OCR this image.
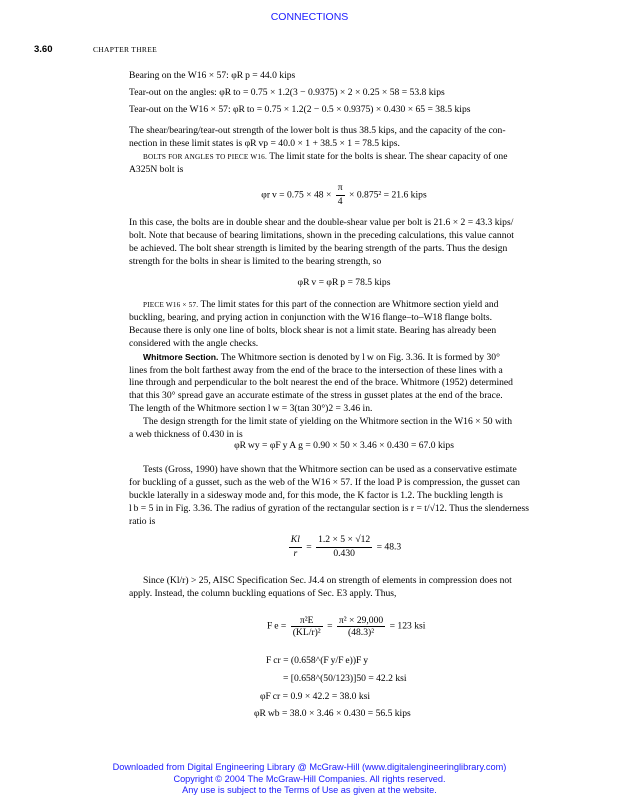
CONNECTIONS
3.60	CHAPTER THREE
Bearing on the W16 × 57: φR p = 44.0 kips
Tear-out on the angles: φR to = 0.75 × 1.2(3 − 0.9375) × 2 × 0.25 × 58 = 53.8 kips
Tear-out on the W16 × 57: φR to = 0.75 × 1.2(2 − 0.5 × 0.9375) × 0.430 × 65 = 38.5 kips
The shear/bearing/tear-out strength of the lower bolt is thus 38.5 kips, and the capacity of the con-
nection in these limit states is φR vp = 40.0 × 1 + 38.5 × 1 = 78.5 kips.
BOLTS FOR ANGLES TO PIECE W16. The limit state for the bolts is shear. The shear capacity of one
A325N bolt is
φr $v = 0.75 \times 48 \times \frac{\pi}{4} \times 0.875^2 = 21.6$ kips
In this case, the bolts are in double shear and the double-shear value per bolt is 21.6 × 2 = 43.3 kips/
bolt. Note that because of bearing limitations, shown in the preceding calculations, this value cannot
be achieved. The bolt shear strength is limited by the bearing strength of the parts. Thus the design
strength for the bolts in shear is limited to the bearing strength, so
φR v = φR p = 78.5 kips
PIECE W16 × 57. The limit states for this part of the connection are Whitmore section yield and
buckling, bearing, and prying action in conjunction with the W16 flange–to–W18 flange bolts.
Because there is only one line of bolts, block shear is not a limit state. Bearing has already been
considered with the angle checks.
Whitmore Section. The Whitmore section is denoted by l w on Fig. 3.36. It is formed by 30°
lines from the bolt farthest away from the end of the brace to the intersection of these lines with a
line through and perpendicular to the bolt nearest the end of the brace. Whitmore (1952) determined
that this 30° spread gave an accurate estimate of the stress in gusset plates at the end of the brace.
The length of the Whitmore section l w = 3(tan 30°)2 = 3.46 in.
The design strength for the limit state of yielding on the Whitmore section in the W16 × 50 with
a web thickness of 0.430 in is
φR wy = φF y A g = 0.90 × 50 × 3.46 × 0.430 = 67.0 kips
Tests (Gross, 1990) have shown that the Whitmore section can be used as a conservative estimate
for buckling of a gusset, such as the web of the W16 × 57. If the load P is compression, the gusset can
buckle laterally in a sidesway mode and, for this mode, the K factor is 1.2. The buckling length is
l b = 5 in in Fig. 3.36. The radius of gyration of the rectangular section is r = t/√12. Thus the slenderness
ratio is
$\frac{Kl}{r} = \frac{1.2 \times 5 \times √12}{0.430} = 48.3$
Since (Kl/r) > 25, AISC Specification Sec. J4.4 on strength of elements in compression does not
apply. Instead, the column buckling equations of Sec. E3 apply. Thus,
F $e = \frac{\text{π²E}}{\text{(KL/r)²}} = \frac{\text{π² × 29,000}}{\text{(48.3)²}} = 123$ ksi
F cr = (0.658^(F y/F e))F y
= [0.658^(50/123)]50 = 42.2 ksi
φF cr = 0.9 × 42.2 = 38.0 ksi
φR wb = 38.0 × 3.46 × 0.430 = 56.5 kips
Downloaded from Digital Engineering Library @ McGraw-Hill (www.digitalengineeringlibrary.com)
Copyright © 2004 The McGraw-Hill Companies. All rights reserved.
Any use is subject to the Terms of Use as given at the website.
